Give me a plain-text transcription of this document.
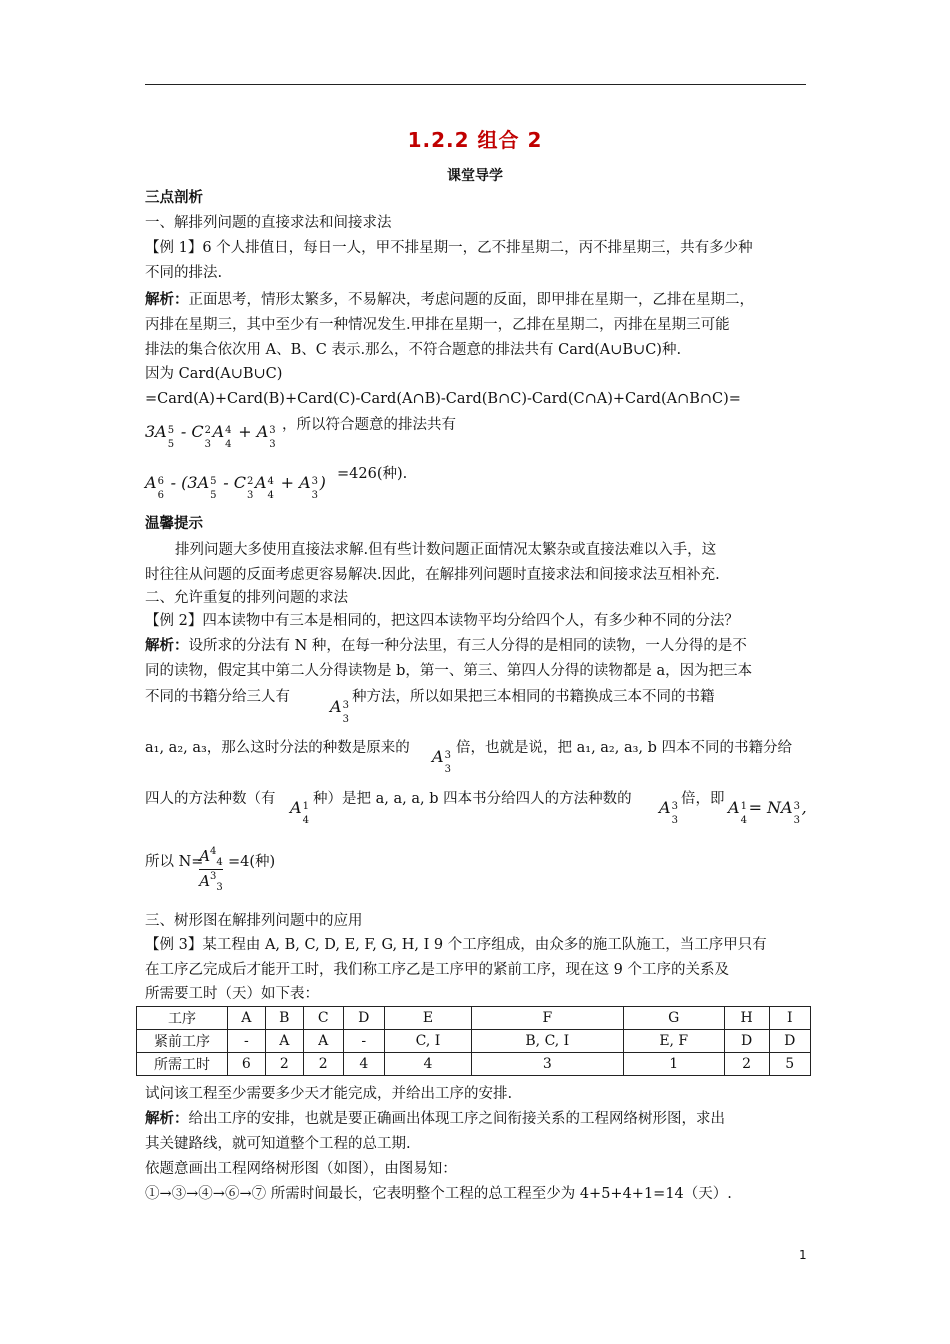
1.2.2 组合 2
课堂导学
三点剖析
一、解排列问题的直接求法和间接求法
【例 1】6 个人排值日，每日一人，甲不排星期一，乙不排星期二，丙不排星期三，共有多少种
不同的排法.
解析：正面思考，情形太繁多，不易解决，考虑问题的反面，即甲排在星期一，乙排在星期二，
丙排在星期三，其中至少有一种情况发生.甲排在星期一，乙排在星期二，丙排在星期三可能
排法的集合依次用 A、B、C 表示.那么，不符合题意的排法共有 Card(A∪B∪C)种.
因为 Card(A∪B∪C)
=Card(A)+Card(B)+Card(C)-Card(A∩B)-Card(B∩C)-Card(C∩A)+Card(A∩B∩C)=
3A 5
5
- C 2
3
A 4
4
+ A 3
3
，所以符合题意的排法共有
A 6
6
- (3A 5
5
- C 2
3
A 4
4
+ A 3
3
) =426(种).
温馨提示
排列问题大多使用直接法求解.但有些计数问题正面情况太繁杂或直接法难以入手，这
时往往从问题的反面考虑更容易解决.因此，在解排列问题时直接求法和间接求法互相补充.
二、允许重复的排列问题的求法
【例 2】四本读物中有三本是相同的，把这四本读物平均分给四个人，有多少种不同的分法？
解析：设所求的分法有 N 种，在每一种分法里，有三人分得的是相同的读物，一人分得的是不
同的读物，假定其中第二人分得读物是 b，第一、第三、第四人分得的读物都是 a，因为把三本
不同的书籍分给三人有	A 3
3
种方法，所以如果把三本相同的书籍换成三本不同的书籍
a₁, a₂, a₃，那么这时分法的种数是原来的 A 3
3
倍，也就是说，把 a₁, a₂, a₃, b 四本不同的书籍分给
四人的方法种数（有 A 1
4
种）是把 a, a, a, b 四本书分给四人的方法种数的 A 3
3
倍，即 A 1
4
= NA 3
3
,
所以 N=
$A^4_4$
$A^3_3$
=4(种)
三、树形图在解排列问题中的应用
【例 3】某工程由 A, B, C, D, E, F, G, H, I 9 个工序组成，由众多的施工队施工，当工序甲只有
在工序乙完成后才能开工时，我们称工序乙是工序甲的紧前工序，现在这 9 个工序的关系及
所需要工时（天）如下表：
工序	A	B	C	D	E	F	G	H	I
紧前工序	-	A	A	-	C, I	B, C, I	E, F	D	D
所需工时	6	2	2	4	4	3	1	2	5
试问该工程至少需要多少天才能完成，并给出工序的安排.
解析：给出工序的安排，也就是要正确画出体现工序之间衔接关系的工程网络树形图，求出
其关键路线，就可知道整个工程的总工期.
依题意画出工程网络树形图（如图），由图易知：
①→③→④→⑥→⑦ 所需时间最长，它表明整个工程的总工程至少为 4+5+4+1=14（天）.
1
